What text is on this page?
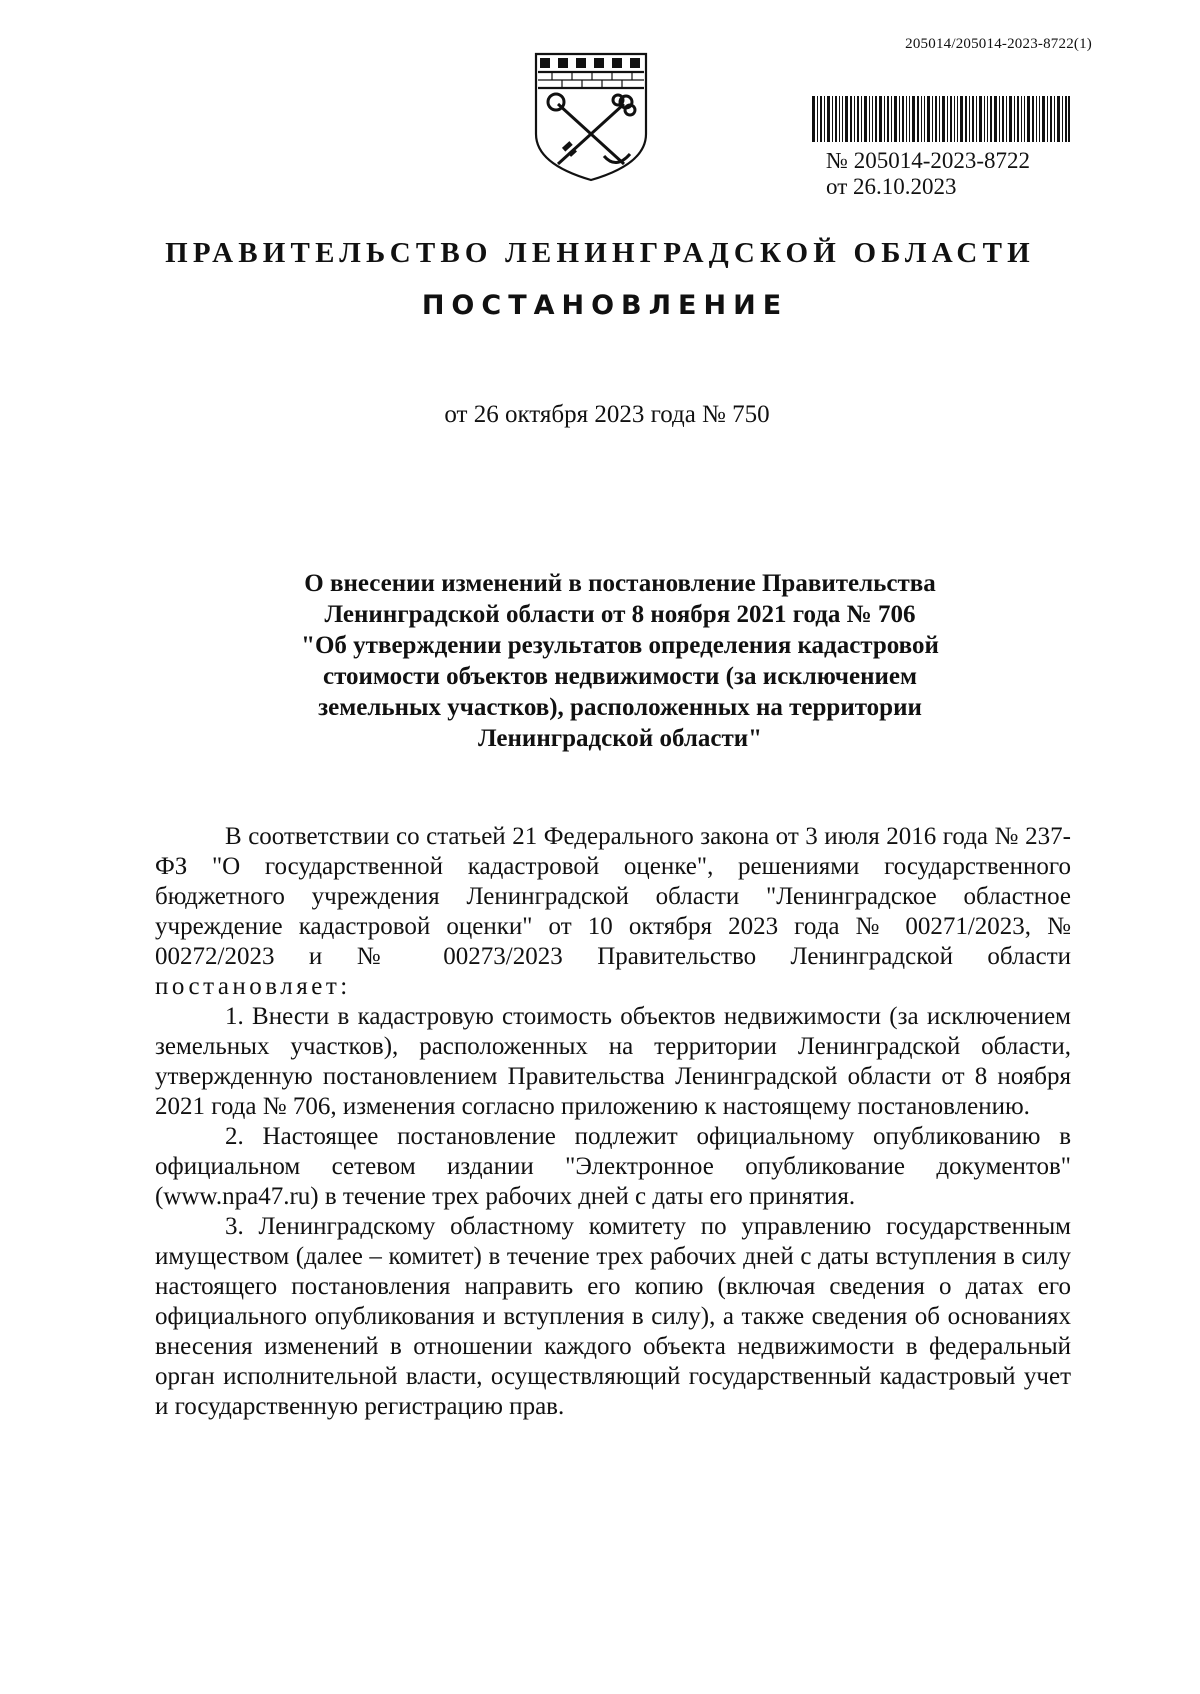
205014/205014-2023-8722(1)
№ 205014-2023-8722
от 26.10.2023
ПРАВИТЕЛЬСТВО ЛЕНИНГРАДСКОЙ ОБЛАСТИ
ПОСТАНОВЛЕНИЕ
от 26 октября 2023 года № 750
О внесении изменений в постановление Правительства
Ленинградской области от 8 ноября 2021 года № 706
"Об утверждении результатов определения кадастровой
стоимости объектов недвижимости (за исключением
земельных участков), расположенных на территории
Ленинградской области"
В соответствии со статьей 21 Федерального закона от 3 июля 2016 года № 237-ФЗ "О государственной кадастровой оценке", решениями государственного бюджетного учреждения Ленинградской области "Ленинградское областное учреждение кадастровой оценки" от 10 октября 2023 года № 00271/2023, № 00272/2023 и № 00273/2023 Правительство Ленинградской области постановляет:
1. Внести в кадастровую стоимость объектов недвижимости (за исключением земельных участков), расположенных на территории Ленинградской области, утвержденную постановлением Правительства Ленинградской области от 8 ноября 2021 года № 706, изменения согласно приложению к настоящему постановлению.
2. Настоящее постановление подлежит официальному опубликованию в официальном сетевом издании "Электронное опубликование документов" (www.npa47.ru) в течение трех рабочих дней с даты его принятия.
3. Ленинградскому областному комитету по управлению государственным имуществом (далее – комитет) в течение трех рабочих дней с даты вступления в силу настоящего постановления направить его копию (включая сведения о датах его официального опубликования и вступления в силу), а также сведения об основаниях внесения изменений в отношении каждого объекта недвижимости в федеральный орган исполнительной власти, осуществляющий государственный кадастровый учет и государственную регистрацию прав.
